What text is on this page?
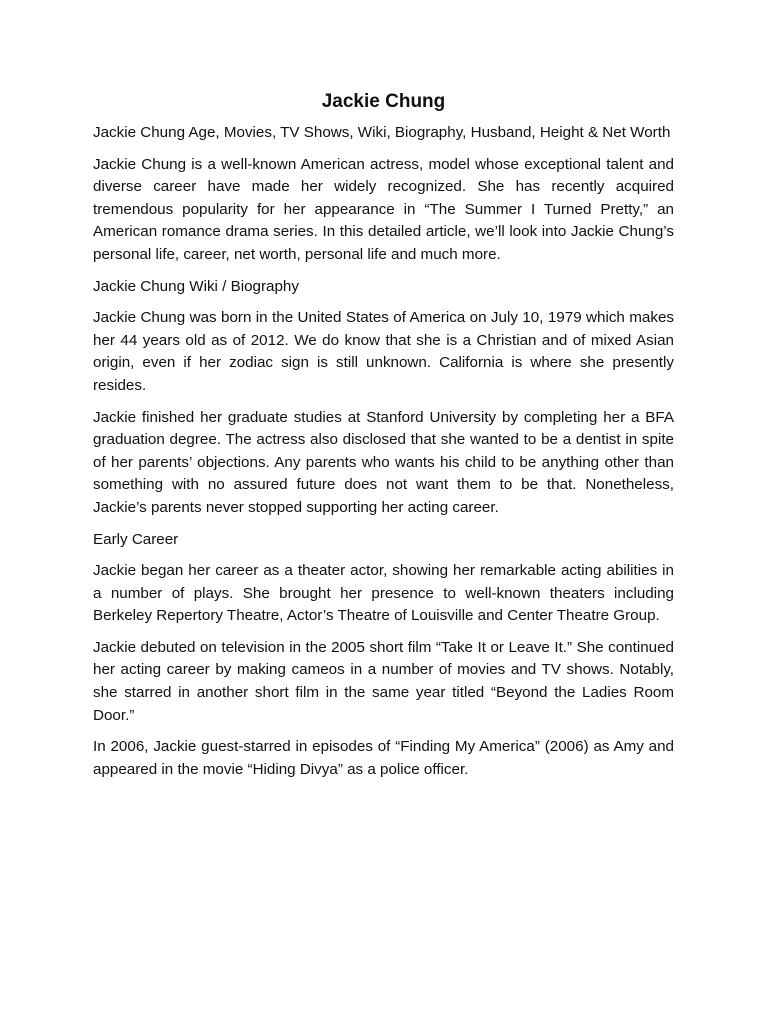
Jackie Chung

Jackie Chung Age, Movies, TV Shows, Wiki, Biography, Husband, Height & Net Worth

Jackie Chung is a well-known American actress, model whose exceptional talent and diverse career have made her widely recognized. She has recently acquired tremendous popularity for her appearance in “The Summer I Turned Pretty,” an American romance drama series. In this detailed article, we’ll look into Jackie Chung’s personal life, career, net worth, personal life and much more.

Jackie Chung Wiki / Biography

Jackie Chung was born in the United States of America on July 10, 1979 which makes her 44 years old as of 2012. We do know that she is a Christian and of mixed Asian origin, even if her zodiac sign is still unknown. California is where she presently resides.

Jackie finished her graduate studies at Stanford University by completing her a BFA graduation degree. The actress also disclosed that she wanted to be a dentist in spite of her parents’ objections. Any parents who wants his child to be anything other than something with no assured future does not want them to be that. Nonetheless, Jackie’s parents never stopped supporting her acting career.

Early Career

Jackie began her career as a theater actor, showing her remarkable acting abilities in a number of plays. She brought her presence to well-known theaters including Berkeley Repertory Theatre, Actor’s Theatre of Louisville and Center Theatre Group.

Jackie debuted on television in the 2005 short film “Take It or Leave It.” She continued her acting career by making cameos in a number of movies and TV shows. Notably, she starred in another short film in the same year titled “Beyond the Ladies Room Door.”

In 2006, Jackie guest-starred in episodes of “Finding My America” (2006) as Amy and appeared in the movie “Hiding Divya” as a police officer.
